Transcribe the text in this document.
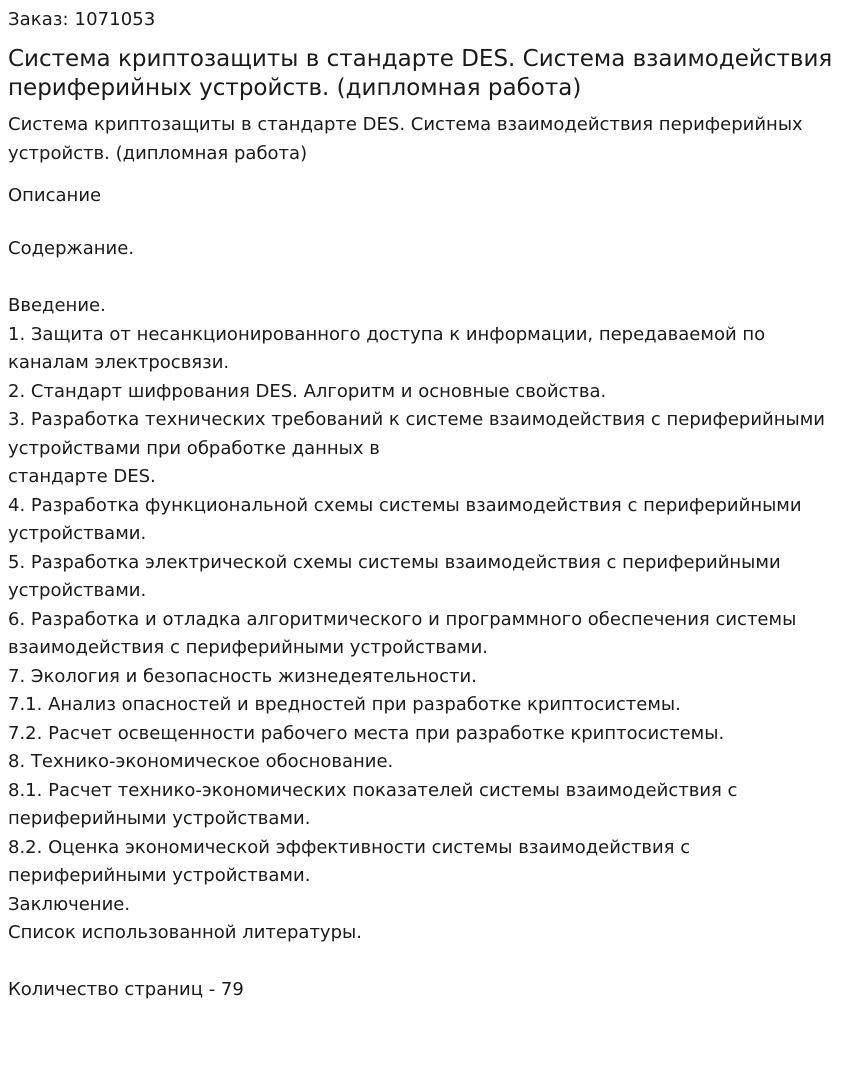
Заказ: 1071053

Система криптозащиты в стандарте DES. Система взаимодействия периферийных устройств. (дипломная работа)

Система криптозащиты в стандарте DES. Система взаимодействия периферийных устройств. (дипломная работа)

Описание

Содержание.
Введение.
1. Защита от несанкционированного доступа к информации, передаваемой по каналам электросвязи.
2. Стандарт шифрования DES. Алгоритм и основные свойства.
3. Разработка технических требований к системе взаимодействия с периферийными устройствами при обработке данных в
стандарте DES.
4. Разработка функциональной схемы системы взаимодействия с периферийными устройствами.
5. Разработка электрической схемы системы взаимодействия с периферийными устройствами.
6. Разработка и отладка алгоритмического и программного обеспечения системы взаимодействия с периферийными устройствами.
7. Экология и безопасность жизнедеятельности.
7.1. Анализ опасностей и вредностей при разработке криптосистемы.
7.2. Расчет освещенности рабочего места при разработке криптосистемы.
8. Технико-экономическое обоснование.
8.1. Расчет технико-экономических показателей системы взаимодействия с периферийными устройствами.
8.2. Оценка экономической эффективности системы взаимодействия с периферийными устройствами.
Заключение.
Список использованной литературы.
Количество страниц - 79
